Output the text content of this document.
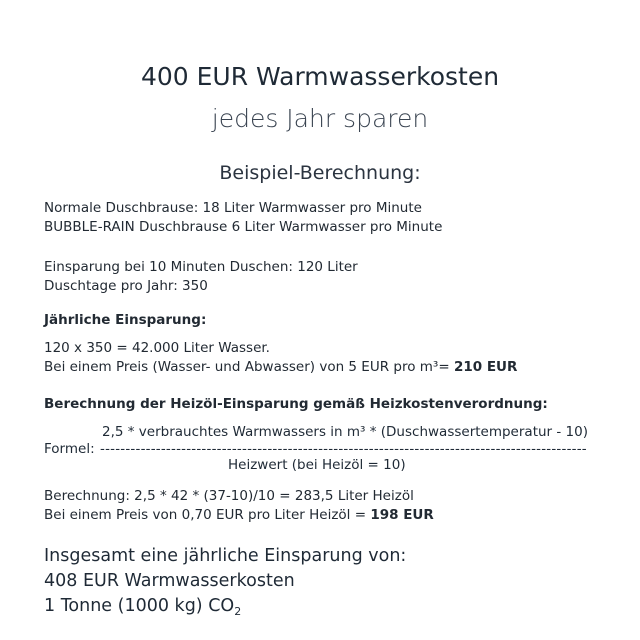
400 EUR Warmwasserkosten
jedes Jahr sparen
Beispiel-Berechnung:
Normale Duschbrause: 18 Liter Warmwasser pro Minute
BUBBLE-RAIN Duschbrause 6 Liter Warmwasser pro Minute
Einsparung bei 10 Minuten Duschen: 120 Liter
Duschtage pro Jahr: 350
Jährliche Einsparung:
120 x 350 = 42.000 Liter Wasser.
Bei einem Preis (Wasser- und Abwasser) von 5 EUR pro m³= 210 EUR
Berechnung der Heizöl-Einsparung gemäß Heizkostenverordnung:
2,5 * verbrauchtes Warmwassers in m³ * (Duschwassertemperatur - 10)
Formel: ------------------------------------------------------------------------------------------------
Heizwert (bei Heizöl = 10)
Berechnung: 2,5 * 42 * (37-10)/10 = 283,5 Liter Heizöl
Bei einem Preis von 0,70 EUR pro Liter Heizöl = 198 EUR
Insgesamt eine jährliche Einsparung von:
408 EUR Warmwasserkosten
1 Tonne (1000 kg) $CO_2$
